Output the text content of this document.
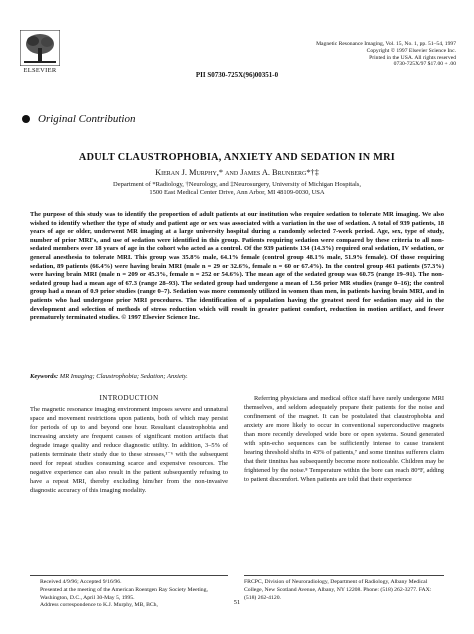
ELSEVIER
Magnetic Resonance Imaging, Vol. 15, No. 1, pp. 51–54, 1997
Copyright © 1997 Elsevier Science Inc.
Printed in the USA. All rights reserved
0730-725X/97 $17.00 + .00
PII S0730-725X(96)00351-0
Original Contribution
ADULT CLAUSTROPHOBIA, ANXIETY AND SEDATION IN MRI
Kieran J. Murphy,* and James A. Brunberg*†‡
Department of *Radiology, †Neurology, and ‡Neurosurgery, University of Michigan Hospitals,
1500 East Medical Center Drive, Ann Arbor, MI 48109-0030, USA
The purpose of this study was to identify the proportion of adult patients at our institution who require sedation to tolerate MR imaging. We also wished to identify whether the type of study and patient age or sex was associated with a variation in the use of sedation. A total of 939 patients, 18 years of age or older, underwent MR imaging at a large university hospital during a randomly selected 7-week period. Age, sex, type of study, number of prior MRI's, and use of sedation were identified in this group. Patients requiring sedation were compared by these criteria to all non-sedated members over 18 years of age in the cohort who acted as a control. Of the 939 patients 134 (14.3%) required oral sedation, IV sedation, or general anesthesia to tolerate MRI. This group was 35.8% male, 64.1% female (control group 48.1% male, 51.9% female). Of those requiring sedation, 89 patients (66.4%) were having brain MRI (male n = 29 or 32.6%, female n = 60 or 67.4%). In the control group 461 patients (57.3%) were having brain MRI (male n = 209 or 45.3%, female n = 252 or 54.6%). The mean age of the sedated group was 60.75 (range 19–91). The non-sedated group had a mean age of 67.3 (range 28–93). The sedated group had undergone a mean of 1.56 prior MR studies (range 0–16); the control group had a mean of 0.9 prior studies (range 0–7). Sedation was more commonly utilized in women than men, in patients having brain MRI, and in patients who had undergone prior MRI procedures. The identification of a population having the greatest need for sedation may aid in the development and selection of methods of stress reduction which will result in greater patient comfort, reduction in motion artifact, and fewer prematurely terminated studies. © 1997 Elsevier Science Inc.
Keywords: MR Imaging; Claustrophobia; Sedation; Anxiety.
INTRODUCTION
The magnetic resonance imaging environment imposes severe and unnatural space and movement restrictions upon patients, both of which may persist for periods of up to and beyond one hour. Resultant claustrophobia and increasing anxiety are frequent causes of significant motion artifacts that degrade image quality and reduce diagnostic utility. In addition, 3–5% of patients terminate their study due to these stresses,¹⁻⁶ with the subsequent need for repeat studies consuming scarce and expensive resources. The negative experience can also result in the patient subsequently refusing to have a repeat MRI, thereby excluding him/her from the non-invasive diagnostic accuracy of this imaging modality.
Referring physicians and medical office staff have rarely undergone MRI themselves, and seldom adequately prepare their patients for the noise and confinement of the magnet. It can be postulated that claustrophobia and anxiety are more likely to occur in conventional superconductive magnets than more recently developed wide bore or open systems. Sound generated with spin-echo sequences can be sufficiently intense to cause transient hearing threshold shifts in 43% of patients,⁷ and some tinnitus sufferers claim that their tinnitus has subsequently become more noticeable. Children may be frightened by the noise.⁸ Temperature within the bore can reach 80°F, adding to patient discomfort. When patients are told that their experience
Received 4/9/96; Accepted 9/16/96.
Presented at the meeting of the American Roentgen Ray Society Meeting, Washington, D.C., April 30-May 5, 1995.
Address correspondence to K.J. Murphy, MB, BCh,
FRCPC, Division of Neuroradiology, Department of Radiology, Albany Medical College, New Scotland Avenue, Albany, NY 12208. Phone: (518) 262-3277. FAX: (518) 262-4120.
51
